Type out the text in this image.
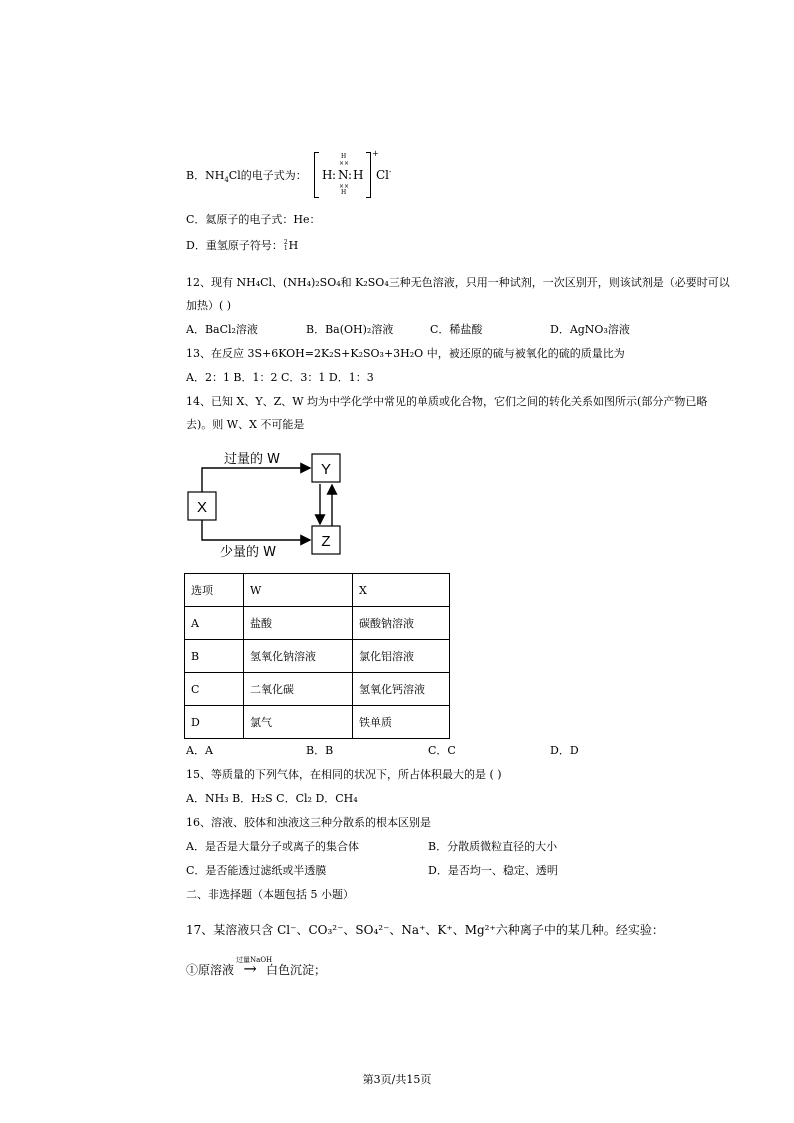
B．$NH_4Cl$的电子式为：
+
H
××
H : N : H
××
H
Cl-
C．氦原子的电子式：He：
D．重氢原子符号： 2
1 H
12、现有 NH₄Cl、(NH₄)₂SO₄和 K₂SO₄三种无色溶液，只用一种试剂，一次区别开，则该试剂是（必要时可以
加热）( )
A．BaCl₂溶液	B．Ba(OH)₂溶液	C．稀盐酸	D．AgNO₃溶液
13、在反应 3S+6KOH=2K₂S+K₂SO₃+3H₂O 中，被还原的硫与被氧化的硫的质量比为
A．2：1 B．1：2 C．3：1 D．1：3
14、已知 X、Y、Z、W 均为中学化学中常见的单质或化合物，它们之间的转化关系如图所示(部分产物已略
去)。则 W、X 不可能是
X
Y
Z
过量的 W
少量的 W
选项	W	X
A	盐酸	碳酸钠溶液
B	氢氧化钠溶液	氯化铝溶液
C	二氧化碳	氢氧化钙溶液
D	氯气	铁单质
A．A	B．B	C．C	D．D
15、等质量的下列气体，在相同的状况下，所占体积最大的是 ( )
A．NH₃ B．H₂S C．Cl₂ D．CH₄
16、溶液、胶体和浊液这三种分散系的根本区别是
A．是否是大量分子或离子的集合体	B．分散质微粒直径的大小
C．是否能透过滤纸或半透膜	D．是否均一、稳定、透明
二、非选择题（本题包括 5 小题）
17、某溶液只含 Cl⁻、CO₃²⁻、SO₄²⁻、Na⁺、K⁺、Mg²⁺六种离子中的某几种。经实验：
①原溶液
过量NaOH
→ 白色沉淀；
第3页/共15页
